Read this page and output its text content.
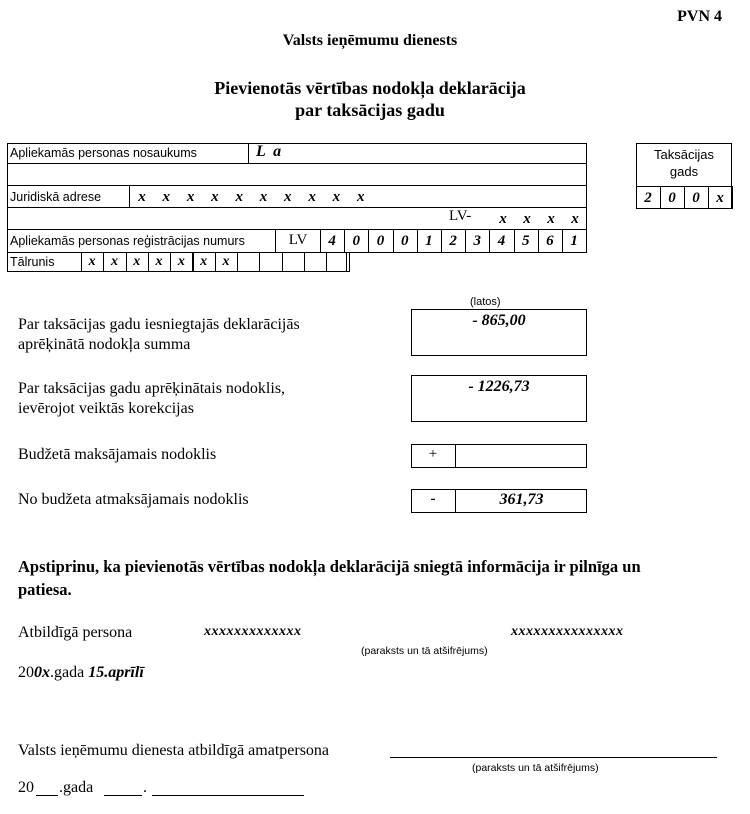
PVN 4
Valsts ieņēmumu dienests
Pievienotās vērtības nodokļa deklarācija
par taksācijas gadu
Apliekamās personas nosaukums	L a
Juridiskā adrese x x x x x x x x x x
LV- x x x x
Apliekamās personas reģistrācijas numurs	LV	4	0	0	0	1	2	3	4	5	6	1
Tālrunis	x	x	x	x	x	x	x
Taksācijas
gads
2	0	0	x
(latos)
Par taksācijas gadu iesniegtajās deklarācijās
aprēķinātā nodokļa summa
- 865,00
Par taksācijas gadu aprēķinātais nodoklis,
ievērojot veiktās korekcijas
- 1226,73
Budžetā maksājamais nodoklis	+
No budžeta atmaksājamais nodoklis	-	361,73
Apstiprinu, ka pievienotās vērtības nodokļa deklarācijā sniegtā informācija ir pilnīga un
patiesa.
Atbildīgā persona	xxxxxxxxxxxxx	xxxxxxxxxxxxxxx
(paraksts un tā atšifrējums)
200x.gada 15.aprīlī
Valsts ieņēmumu dienesta atbildīgā amatpersona
(paraksts un tā atšifrējums)
20 .gada	.
